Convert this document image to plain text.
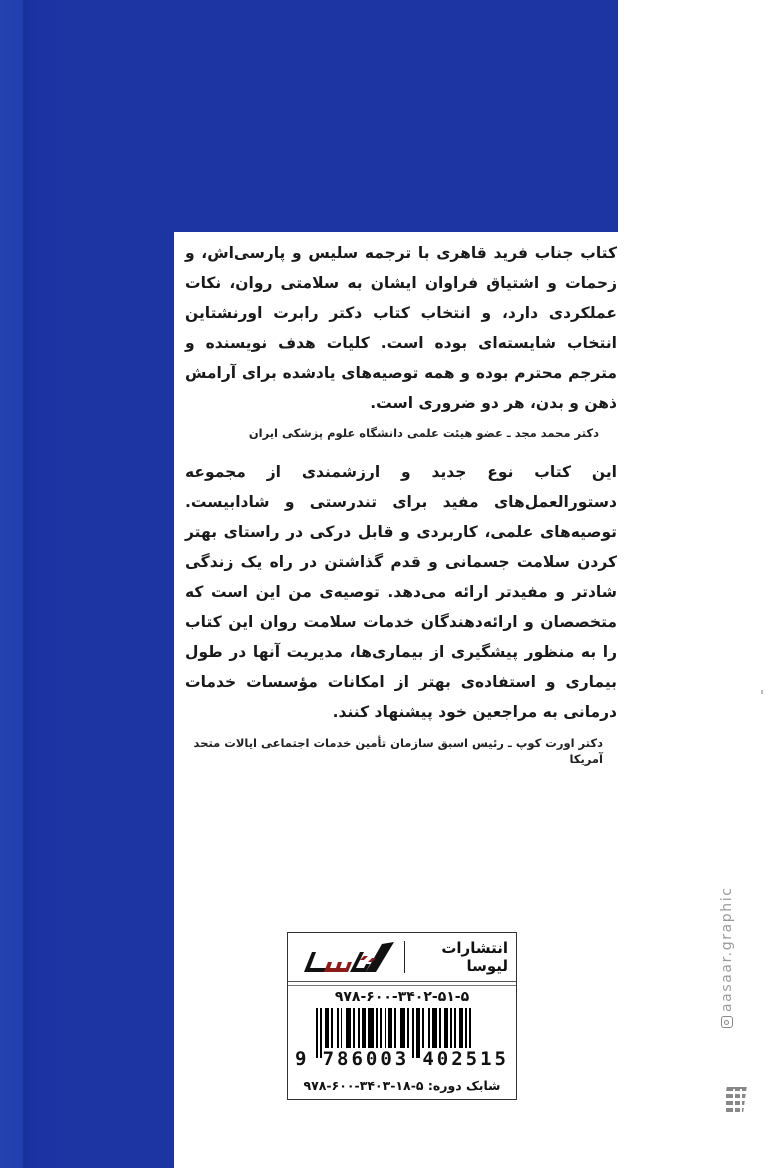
کتاب جناب فرید قاهری با ترجمه سلیس و پارسی‌اش، و زحمات و اشتیاق فراوان ایشان به سلامتی روان، نکات عملکردی دارد، و انتخاب کتاب دکتر رابرت اورنشتاین انتخاب شایسته‌ای بوده است. کلیات هدف نویسنده و مترجم محترم بوده و همه توصیه‌های یادشده برای آرامش ذهن و بدن، هر دو ضروری است.

دکتر محمد مجد ـ عضو هیئت علمی دانشگاه علوم پزشکی ایران

این کتاب نوع جدید و ارزشمندی از مجموعه دستورالعمل‌های مفید برای تندرستی و شادابیست. توصیه‌های علمی، کاربردی و قابل درکی در راستای بهتر کردن سلامت جسمانی و قدم گذاشتن در راه یک زندگی شادتر و مفیدتر ارائه می‌دهد. توصیه‌ی من این است که متخصصان و ارائه‌دهندگان خدمات سلامت روان این کتاب را به منظور پیشگیری از بیماری‌ها، مدیریت آنها در طول بیماری و استفاده‌ی بهتر از امکانات مؤسسات خدمات درمانی به مراجعین خود پیشنهاد کنند.

دکتر اورت کوپ ـ رئیس اسبق سازمان تأمین خدمات اجتماعی ایالات متحد آمریکا
انتشارات لیوسا
۹۷۸-۶۰۰-۳۴۰۲-۵۱-۵
9 786003 402515
شابک دوره: ۵-۱۸-۳۴۰۳-۶۰۰-۹۷۸
aasaar.graphic
